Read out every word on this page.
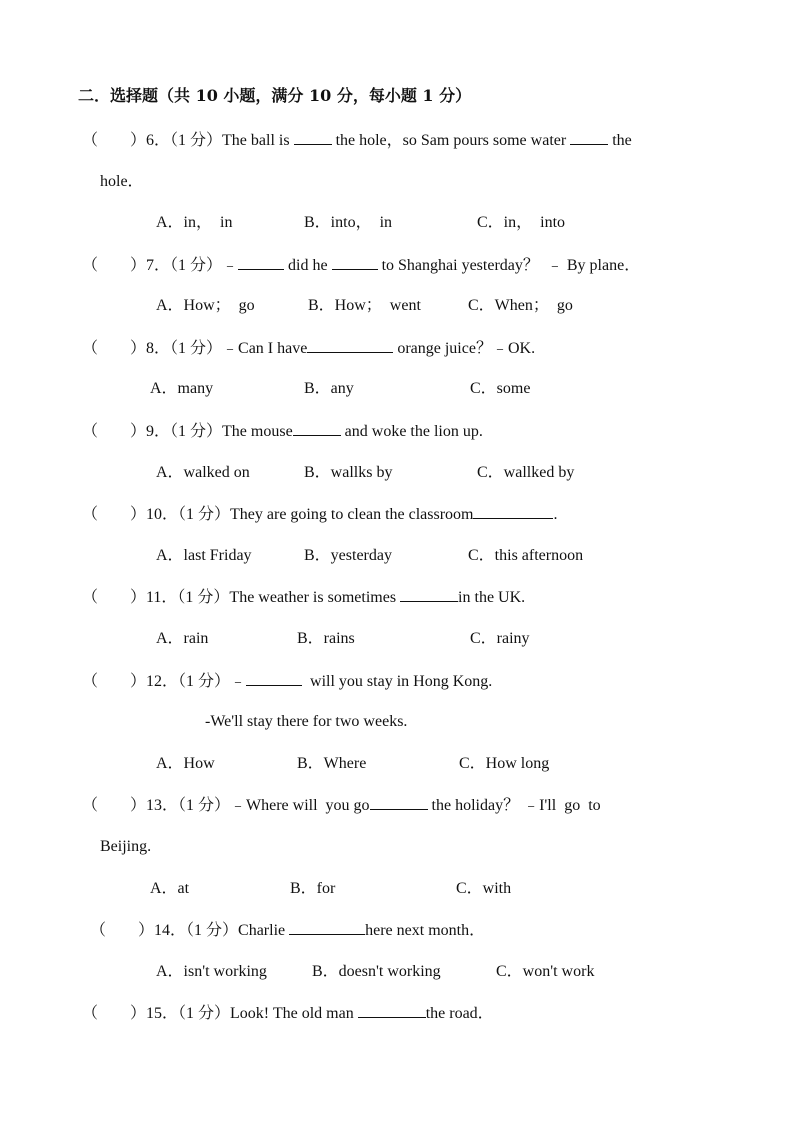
二．选择题（共 10 小题，满分 10 分，每小题 1 分）
（　　）6．（1 分）The ball is  the hole，so Sam pours some water  the
hole．
A．in，  in	B．into，  in	C．in，  into
（　　）7．（1 分）﹣	did he	to Shanghai yesterday？  ﹣ By plane．
A．How；  go	B．How；  went	C．When；  go
（　　）8．（1 分）﹣Can I have	orange juice？﹣OK.
A．many	B．any	C．some
（　　）9．（1 分）The mouse	and woke the lion up.
A．walked on	B．wallks by	C．wallked by
（　　）10．（1 分）They are going to clean the classroom	.
A．last Friday	B．yesterday	C．this afternoon
（　　）11．（1 分）The weather is sometimes	in the UK.
A．rain	B．rains	C．rainy
（　　）12．（1 分）﹣	will you stay in Hong Kong.
-We'll stay there for two weeks.
A．How	B．Where	C．How long
（　　）13．（1 分）﹣Where will  you go	the holiday？ ﹣I'll  go  to
Beijing.
A．at	B．for	C．with
（　　）14．（1 分）Charlie	here next month．
A．isn't working	B．doesn't working	C．won't work
（　　）15．（1 分）Look! The old man	the road．
